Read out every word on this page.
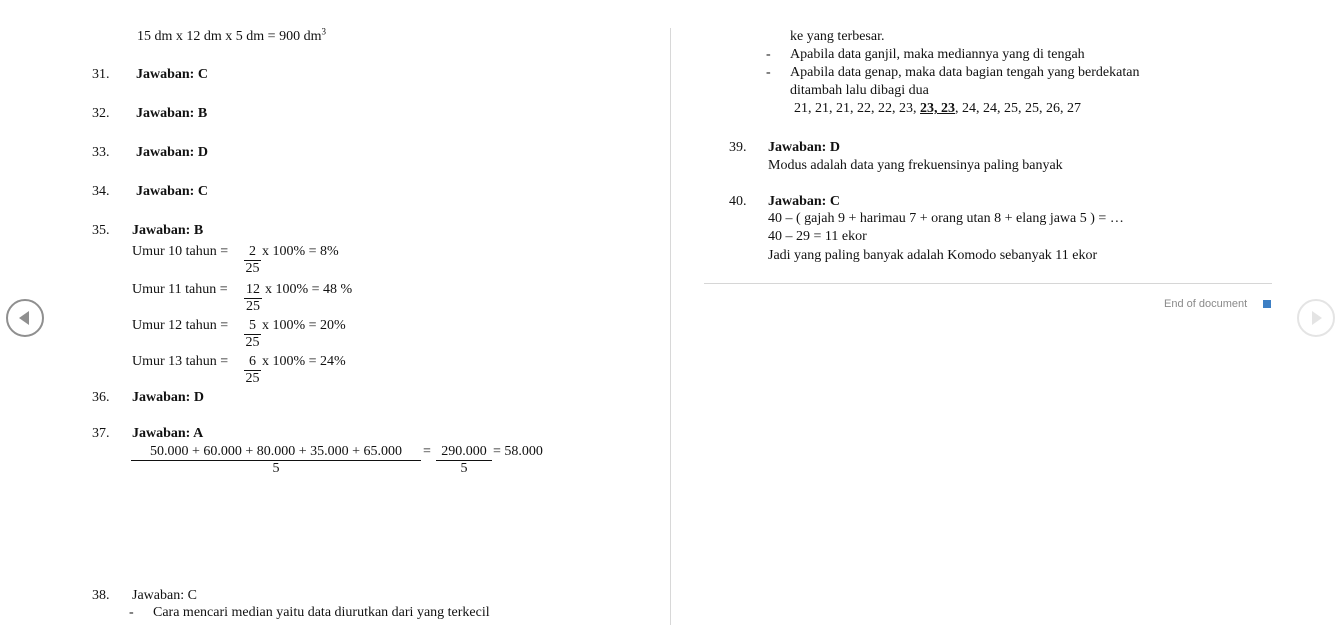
15 dm x 12 dm x 5 dm = 900 $dm^3$
31. Jawaban: C
32. Jawaban: B
33. Jawaban: D
34. Jawaban: C
35. Jawaban: B
Umur 10 tahun = $\frac{2}{25}$ x 100% = 8%
Umur 11 tahun = $\frac{12}{25}$ x 100% = 48 %
Umur 12 tahun = $\frac{5}{25}$ x 100% = 20%
Umur 13 tahun = $\frac{6}{25}$ x 100% = 24%
36. Jawaban: D
37. Jawaban: A
$\frac{50.000 + 60.000 + 80.000 + 35.000 + 65.000}{5} = \frac{290.000}{5} = 58.000$
38. Jawaban: C
- Cara mencari median yaitu data diurutkan dari yang terkecil
ke yang terbesar.
- Apabila data ganjil, maka mediannya yang di tengah
- Apabila data genap, maka data bagian tengah yang berdekatan
ditambah lalu dibagi dua
21, 21, 21, 22, 22, 23, 23, 23, 24, 24, 25, 25, 26, 27
39. Jawaban: D
Modus adalah data yang frekuensinya paling banyak
40. Jawaban: C
40 – ( gajah 9 + harimau 7 + orang utan 8 + elang jawa 5 ) = …
40 – 29 = 11 ekor
Jadi yang paling banyak adalah Komodo sebanyak 11 ekor
End of document
